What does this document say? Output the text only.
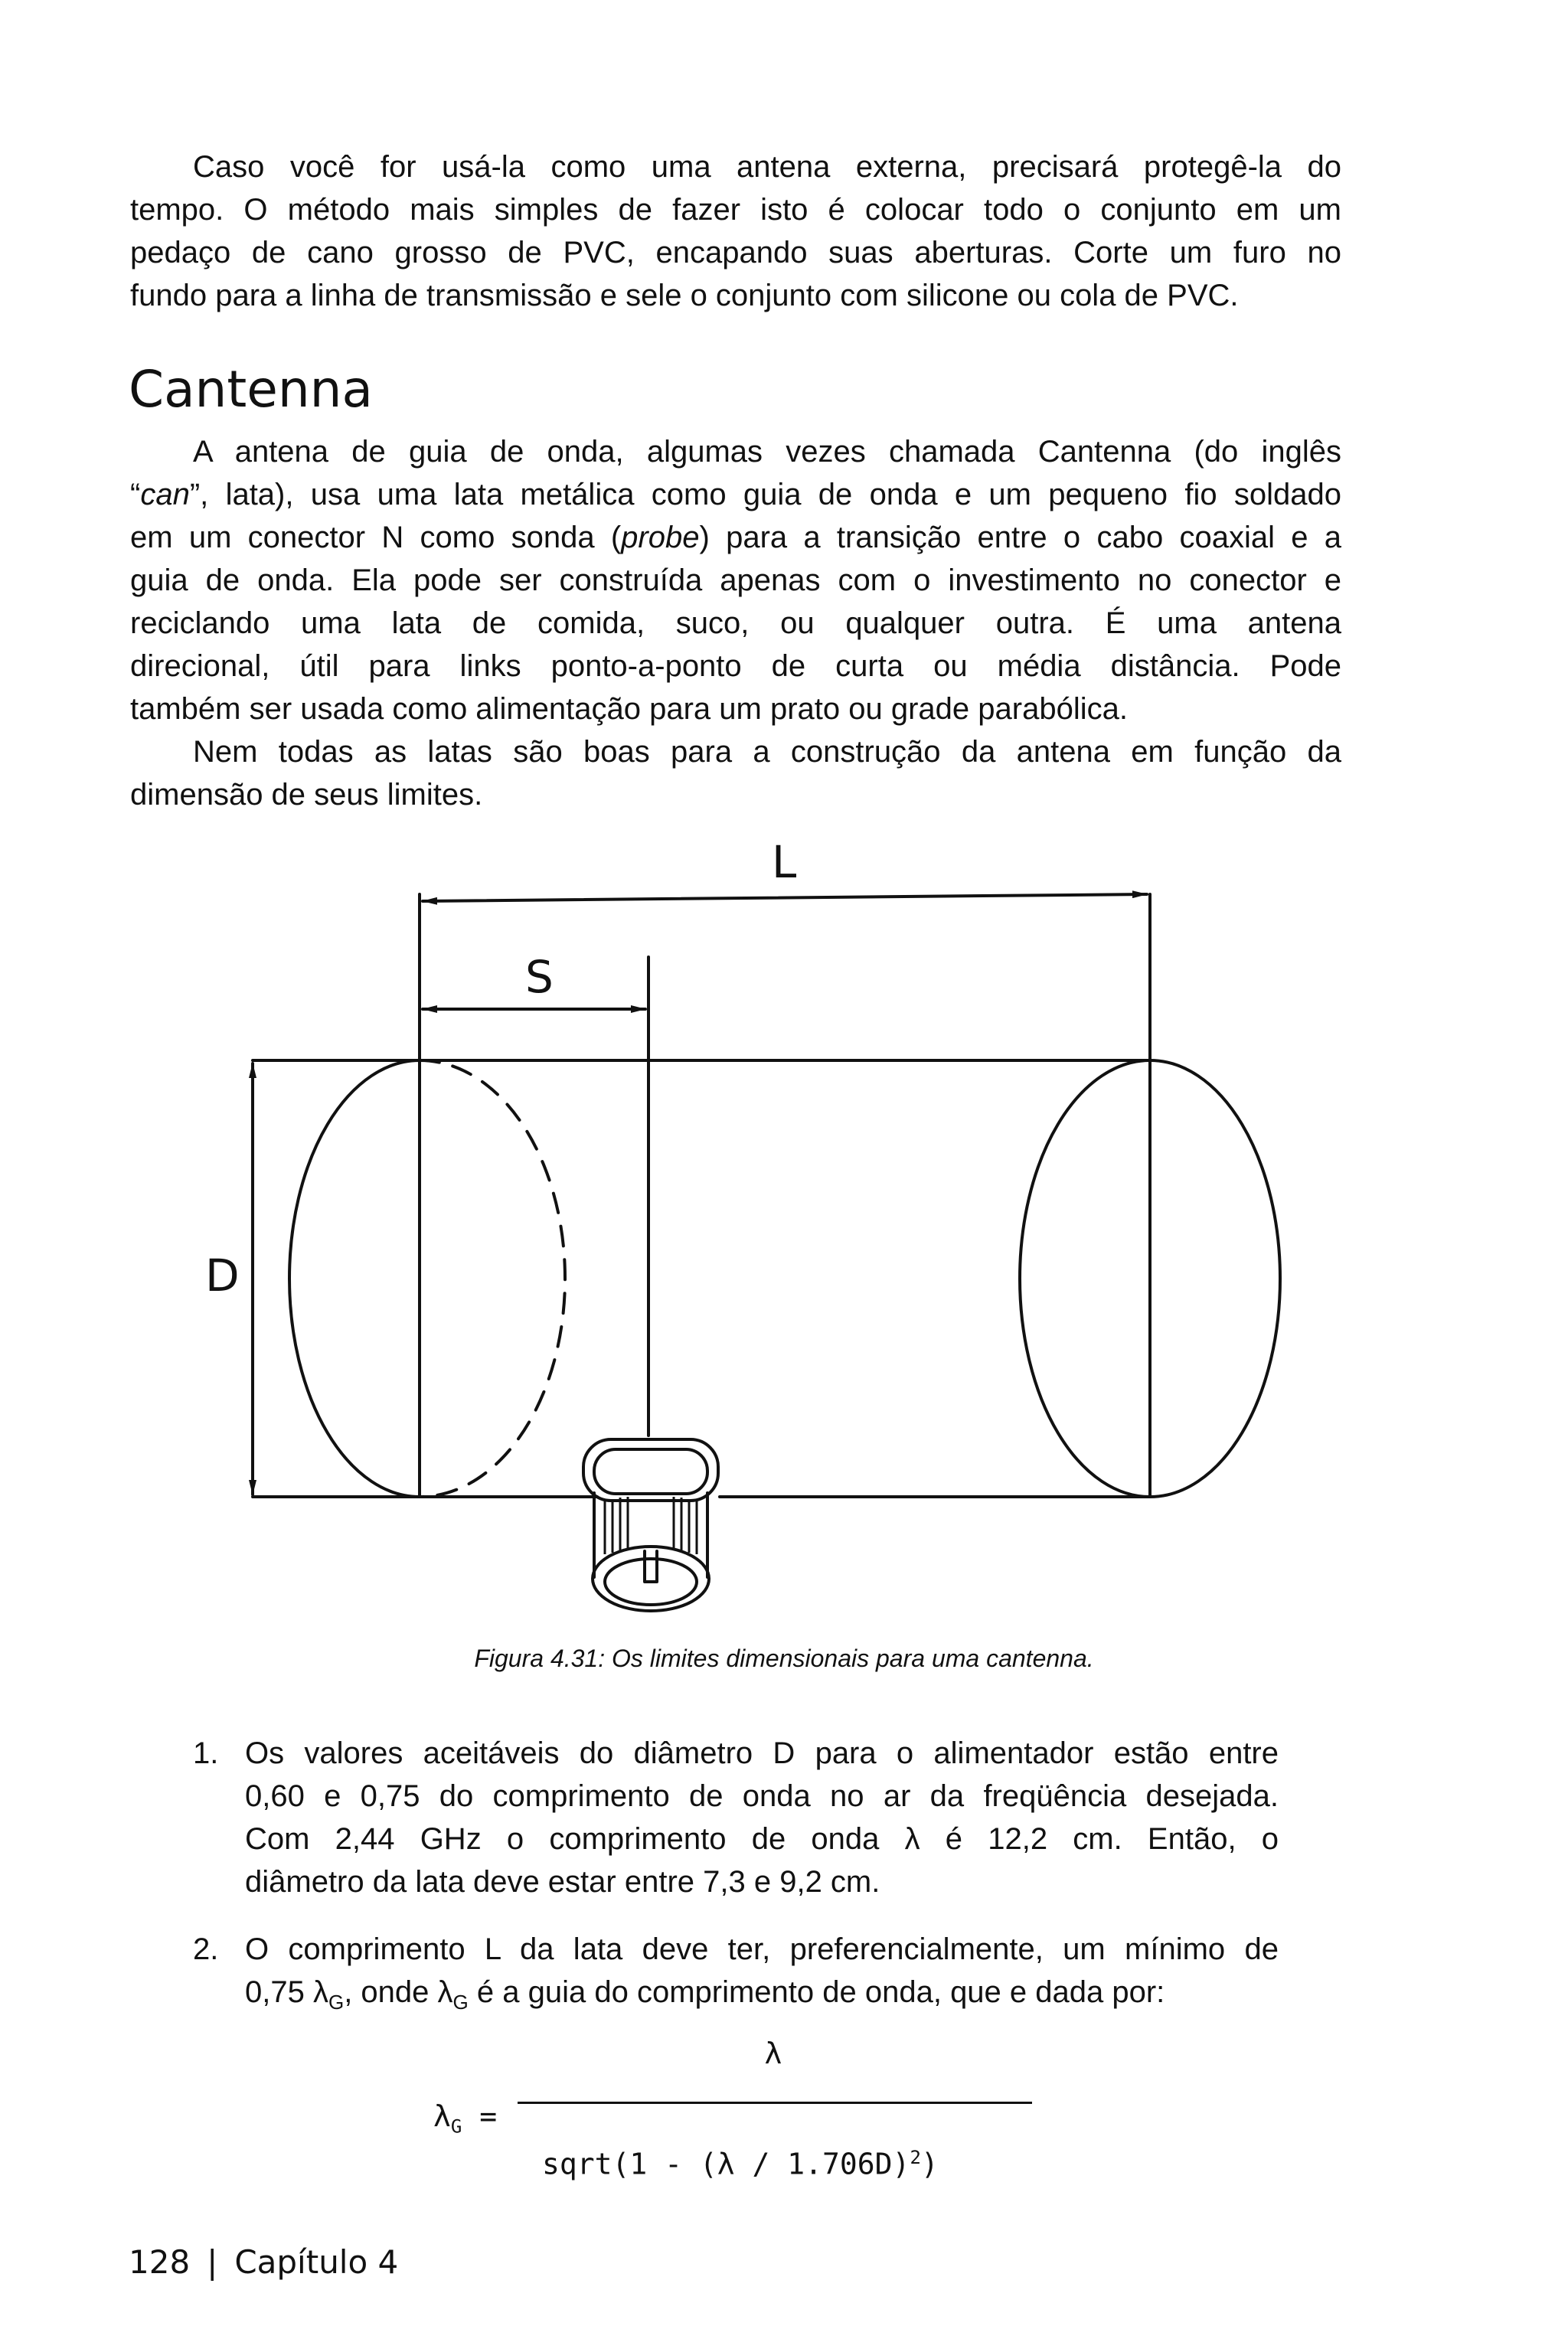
Caso você for usá-la como uma antena externa, precisará protegê-la do
tempo. O método mais simples de fazer isto é colocar todo o conjunto em um
pedaço de cano grosso de PVC, encapando suas aberturas. Corte um furo no
fundo para a linha de transmissão e sele o conjunto com silicone ou cola de PVC.
Cantenna
A antena de guia de onda, algumas vezes chamada Cantenna (do inglês
“can”, lata), usa uma lata metálica como guia de onda e um pequeno fio soldado
em um conector N como sonda (probe) para a transição entre o cabo coaxial e a
guia de onda. Ela pode ser construída apenas com o investimento no conector e
reciclando uma lata de comida, suco, ou qualquer outra. É uma antena
direcional, útil para links ponto-a-ponto de curta ou média distância. Pode
também ser usada como alimentação para um prato ou grade parabólica.
Nem todas as latas são boas para a construção da antena em função da
dimensão de seus limites.
L
S
D

Figura 4.31: Os limites dimensionais para uma cantenna.

1. Os valores aceitáveis do diâmetro D para o alimentador estão entre
0,60 e 0,75 do comprimento de onda no ar da freqüência desejada.
Com 2,44 GHz o comprimento de onda λ é 12,2 cm. Então, o
diâmetro da lata deve estar entre 7,3 e 9,2 cm.
2. O comprimento L da lata deve ter, preferencialmente, um mínimo de
0,75 $\lambda_G$, onde $\lambda_G$ é a guia do comprimento de onda, que e dada por:
λ
$\lambda_G$ =
sqrt(1 - (λ / 1.706D)$^2$)
128 | Capítulo 4
